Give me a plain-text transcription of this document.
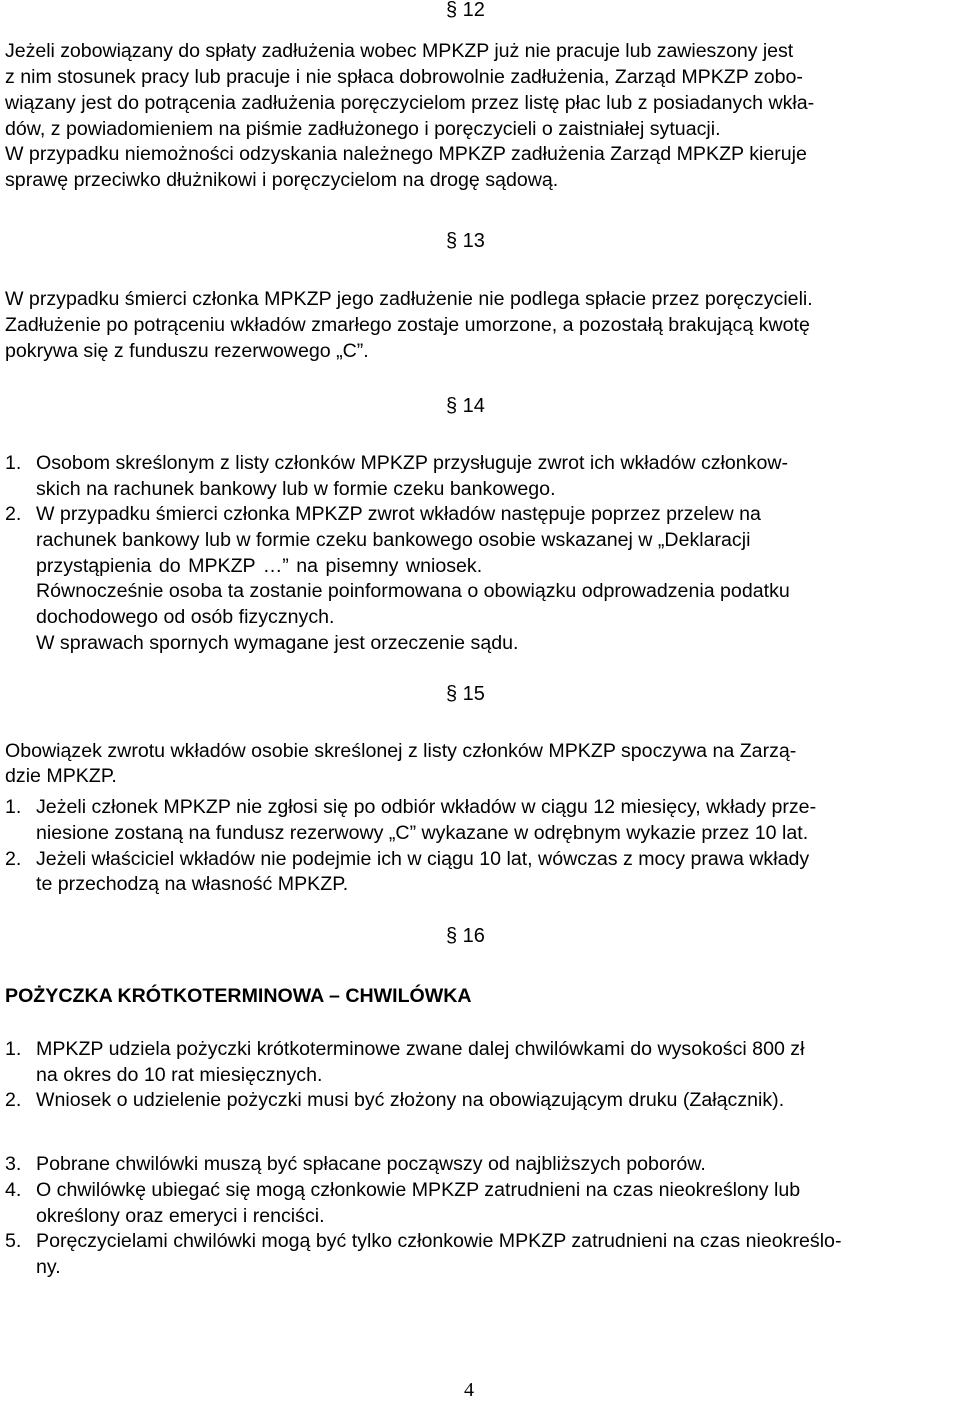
§ 12
Jeżeli zobowiązany do spłaty zadłużenia wobec MPKZP już nie pracuje lub zawieszony jest
z nim stosunek pracy lub pracuje i nie spłaca dobrowolnie zadłużenia, Zarząd MPKZP zobo-
wiązany jest do potrącenia zadłużenia poręczycielom przez listę płac lub z posiadanych wkła-
dów, z powiadomieniem na piśmie zadłużonego i poręczycieli o zaistniałej sytuacji.
W przypadku niemożności odzyskania należnego MPKZP zadłużenia Zarząd MPKZP kieruje
sprawę przeciwko dłużnikowi i poręczycielom na drogę sądową.
§ 13
W przypadku śmierci członka MPKZP jego zadłużenie nie podlega spłacie przez poręczycieli.
Zadłużenie po potrąceniu wkładów zmarłego zostaje umorzone, a pozostałą brakującą kwotę
pokrywa się z funduszu rezerwowego „C”.
§ 14
1. Osobom skreślonym z listy członków MPKZP przysługuje zwrot ich wkładów członkow-
skich na rachunek bankowy lub w formie czeku bankowego.
2. W przypadku śmierci członka MPKZP zwrot wkładów następuje poprzez przelew na
rachunek bankowy lub w formie czeku bankowego osobie wskazanej w „Deklaracji
przystąpienia do MPKZP …” na pisemny wniosek.
Równocześnie osoba ta zostanie poinformowana o obowiązku odprowadzenia podatku
dochodowego od osób fizycznych.
W sprawach spornych wymagane jest orzeczenie sądu.
§ 15
Obowiązek zwrotu wkładów osobie skreślonej z listy członków MPKZP spoczywa na Zarzą-
dzie MPKZP.
1. Jeżeli członek MPKZP nie zgłosi się po odbiór wkładów w ciągu 12 miesięcy, wkłady prze-
niesione zostaną na fundusz rezerwowy „C” wykazane w odrębnym wykazie przez 10 lat.
2. Jeżeli właściciel wkładów nie podejmie ich w ciągu 10 lat, wówczas z mocy prawa wkłady
te przechodzą na własność MPKZP.
§ 16
POŻYCZKA KRÓTKOTERMINOWA – CHWILÓWKA
1. MPKZP udziela pożyczki krótkoterminowe zwane dalej chwilówkami do wysokości 800 zł
na okres do 10 rat miesięcznych.
2. Wniosek o udzielenie pożyczki musi być złożony na obowiązującym druku (Załącznik).
3. Pobrane chwilówki muszą być spłacane począwszy od najbliższych poborów.
4. O chwilówkę ubiegać się mogą członkowie MPKZP zatrudnieni na czas nieokreślony lub
określony oraz emeryci i renciści.
5. Poręczycielami chwilówki mogą być tylko członkowie MPKZP zatrudnieni na czas nieokreślo-
ny.
4
